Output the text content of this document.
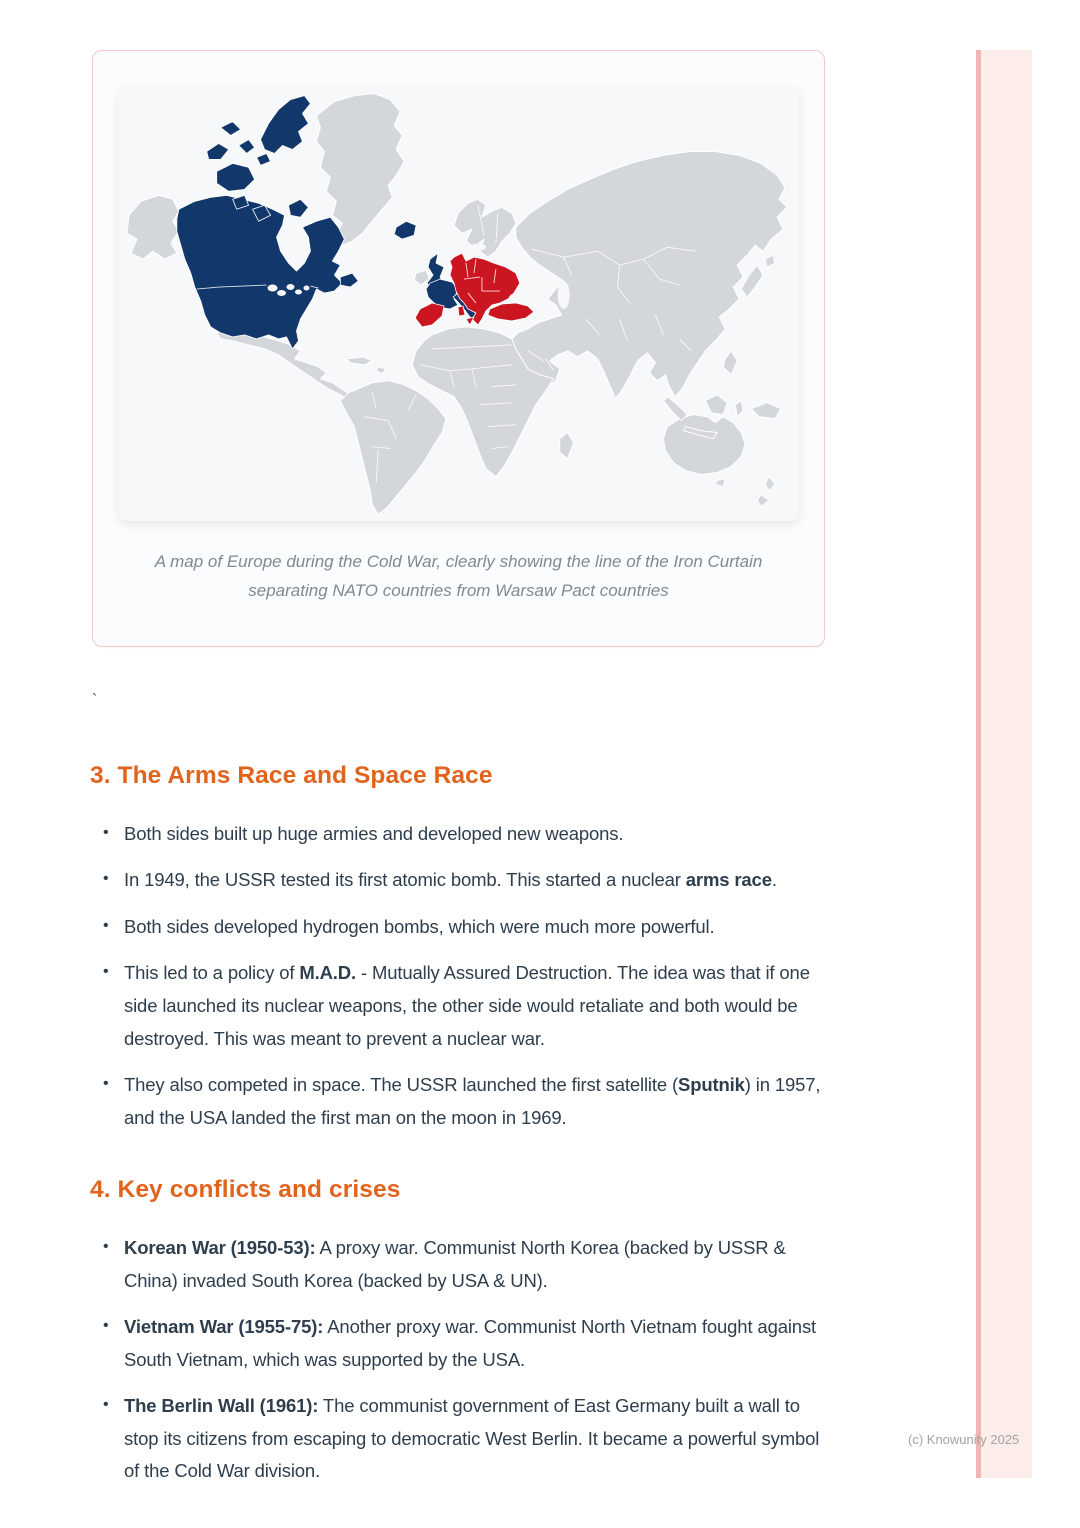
A map of Europe during the Cold War, clearly showing the line of the Iron Curtain separating NATO countries from Warsaw Pact countries

`
3. The Arms Race and Space Race
• Both sides built up huge armies and developed new weapons.
• In 1949, the USSR tested its first atomic bomb. This started a nuclear arms race.
• Both sides developed hydrogen bombs, which were much more powerful.
• This led to a policy of M.A.D. - Mutually Assured Destruction. The idea was that if one side launched its nuclear weapons, the other side would retaliate and both would be destroyed. This was meant to prevent a nuclear war.
• They also competed in space. The USSR launched the first satellite (Sputnik) in 1957, and the USA landed the first man on the moon in 1969.
4. Key conflicts and crises
• Korean War (1950-53): A proxy war. Communist North Korea (backed by USSR & China) invaded South Korea (backed by USA & UN).
• Vietnam War (1955-75): Another proxy war. Communist North Vietnam fought against South Vietnam, which was supported by the USA.
• The Berlin Wall (1961): The communist government of East Germany built a wall to stop its citizens from escaping to democratic West Berlin. It became a powerful symbol of the Cold War division.
(c) Knowunity 2025
